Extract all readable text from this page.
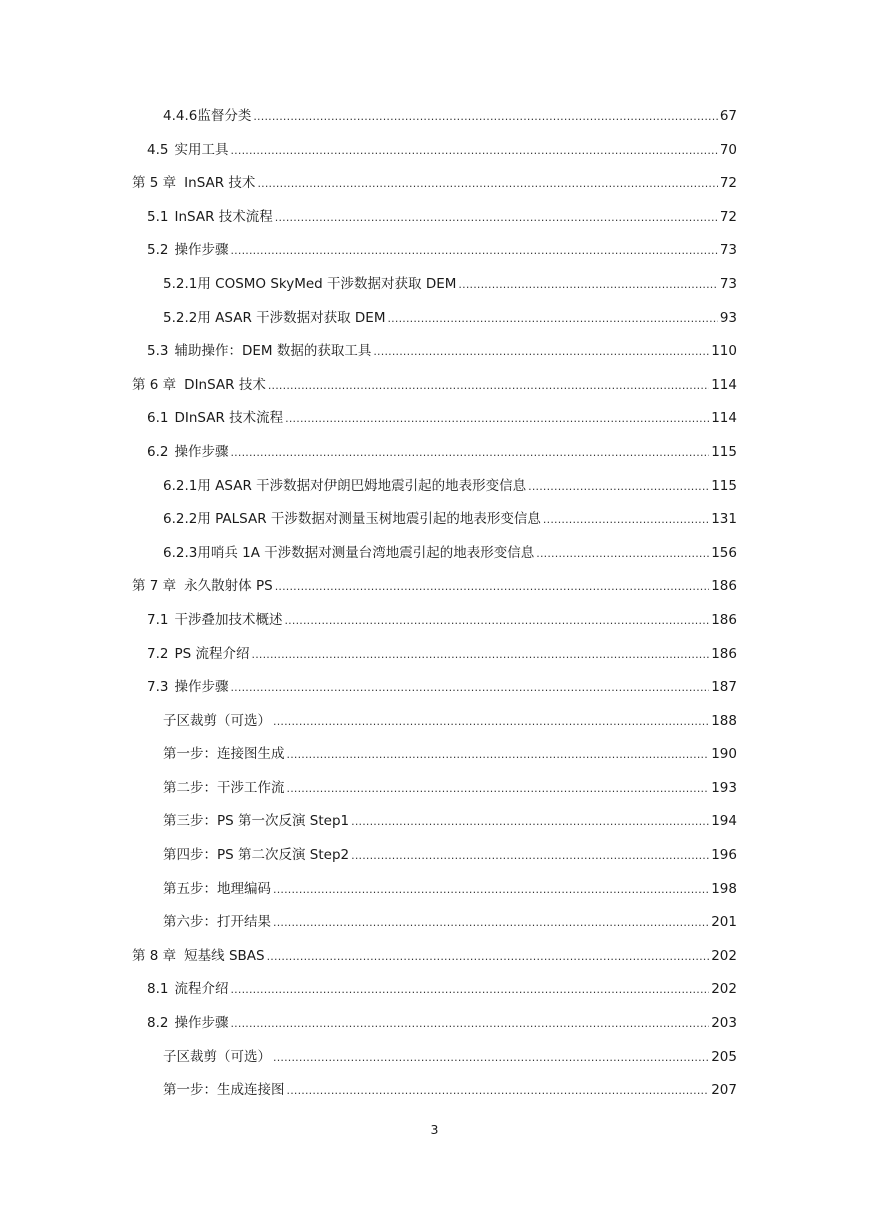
4.4.6 监督分类 .....	67
4.5 实用工具 .....	70
第 5 章 InSAR 技术 .....	72
5.1 InSAR 技术流程 .....	72
5.2 操作步骤 .....	73
5.2.1 用 COSMO SkyMed 干涉数据对获取 DEM .....	73
5.2.2 用 ASAR 干涉数据对获取 DEM .....	93
5.3 辅助操作：DEM 数据的获取工具 .....	110
第 6 章 DInSAR 技术 .....	114
6.1 DInSAR 技术流程 .....	114
6.2 操作步骤 .....	115
6.2.1 用 ASAR 干涉数据对伊朗巴姆地震引起的地表形变信息 .....	115
6.2.2 用 PALSAR 干涉数据对测量玉树地震引起的地表形变信息 .....	131
6.2.3 用哨兵 1A 干涉数据对测量台湾地震引起的地表形变信息 .....	156
第 7 章 永久散射体 PS .....	186
7.1 干涉叠加技术概述 .....	186
7.2 PS 流程介绍 .....	186
7.3 操作步骤 .....	187
子区裁剪（可选） .....	188
第一步：连接图生成 .....	190
第二步：干涉工作流 .....	193
第三步：PS 第一次反演 Step1 .....	194
第四步：PS 第二次反演 Step2 .....	196
第五步：地理编码 .....	198
第六步：打开结果 .....	201
第 8 章 短基线 SBAS .....	202
8.1 流程介绍 .....	202
8.2 操作步骤 .....	203
子区裁剪（可选） .....	205
第一步：生成连接图 .....	207
3
